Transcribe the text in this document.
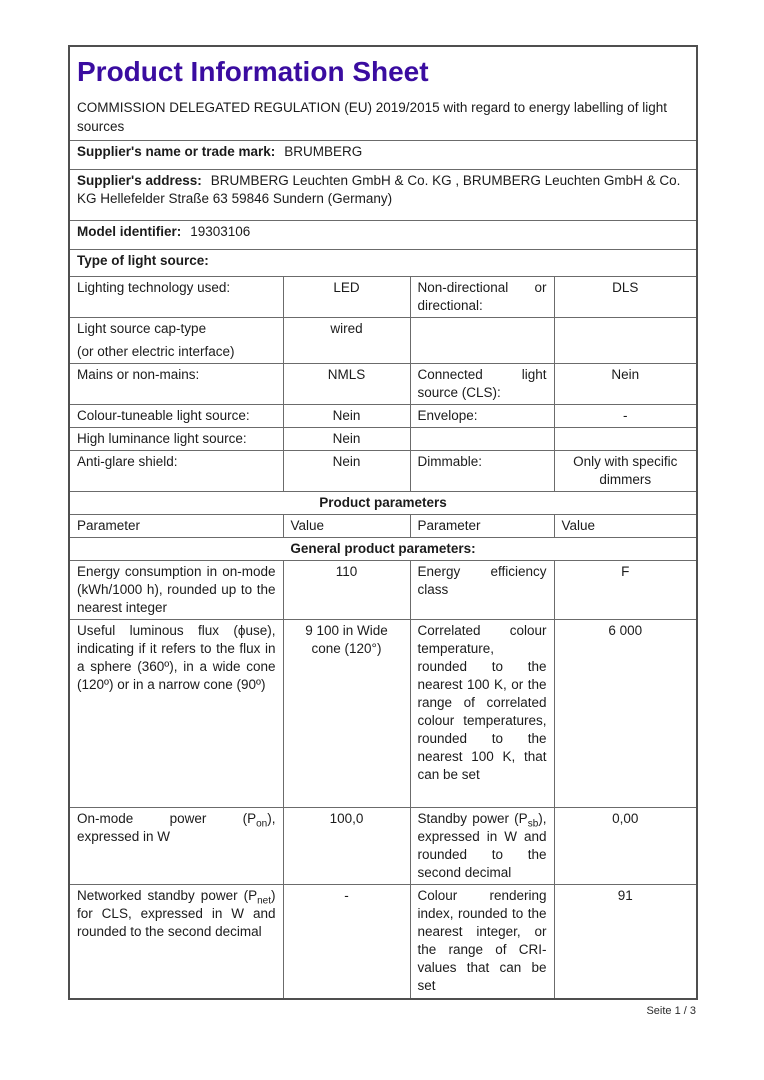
Product Information Sheet

COMMISSION DELEGATED REGULATION (EU) 2019/2015 with regard to energy labelling of light sources			

Supplier's name or trade mark: BRUMBERG			
Supplier's address: BRUMBERG Leuchten GmbH & Co. KG , BRUMBERG Leuchten GmbH & Co. KG Hellefelder Straße 63 59846 Sundern (Germany)			
Model identifier: 19303106			
Type of light source:			
Lighting technology used:	LED	Non-directional or directional:	DLS

Light source cap-type
(or other electric interface)	wired		
Mains or non-mains:	NMLS	Connected light source (CLS):	Nein
Colour-tuneable light source:	Nein	Envelope:	-
High luminance light source:	Nein		
Anti-glare shield:	Nein	Dimmable:	Only with specific dimmers
Product parameters			
Parameter	Value	Parameter	Value
General product parameters:			
Energy consumption in on-mode (kWh/1000 h), rounded up to the nearest integer	110	Energy efficiency class	F
Useful luminous flux (ϕuse), indicating if it refers to the flux in a sphere (360º), in a wide cone (120º) or in a narrow cone (90º)	9 100 in Wide cone (120°)	Correlated colour temperature, rounded to the nearest 100 K, or the range of correlated colour temperatures, rounded to the nearest 100 K, that can be set	6 000
On-mode power $(P_{on})$, expressed in W	100,0	Standby power $(P_{sb})$, expressed in W and rounded to the second decimal	0,00
Networked standby power $(P_{net})$ for CLS, expressed in W and rounded to the second decimal	-	Colour rendering index, rounded to the nearest integer, or the range of CRI-values that can be set	91
Seite 1 / 3
